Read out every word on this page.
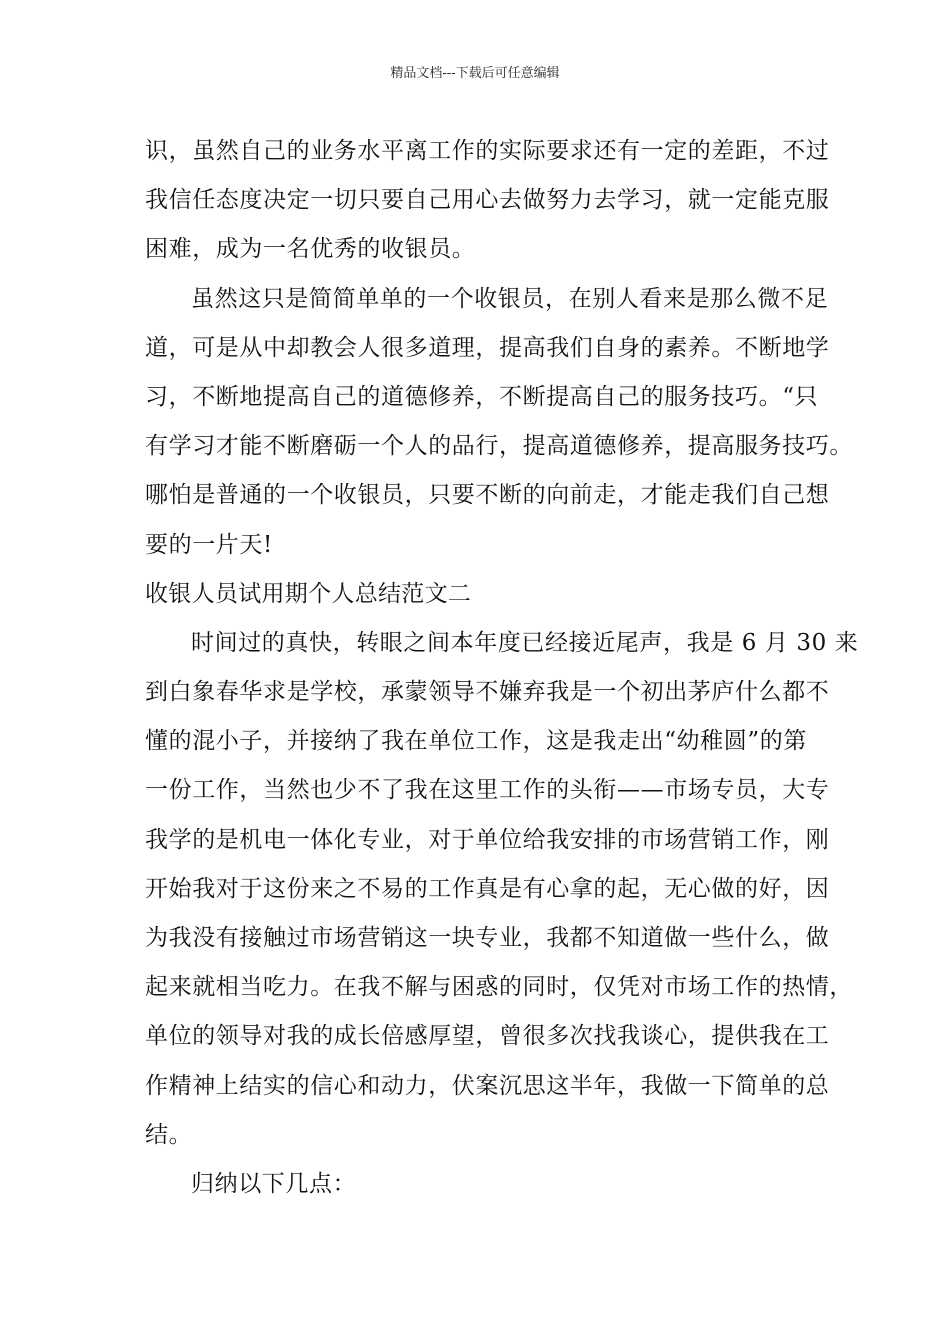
精品文档---下载后可任意编辑
识，虽然自己的业务水平离工作的实际要求还有一定的差距，不过
我信任态度决定一切只要自己用心去做努力去学习，就一定能克服
困难，成为一名优秀的收银员。
虽然这只是简简单单的一个收银员，在别人看来是那么微不足
道，可是从中却教会人很多道理，提高我们自身的素养。不断地学
习，不断地提高自己的道德修养，不断提高自己的服务技巧。“只
有学习才能不断磨砺一个人的品行，提高道德修养，提高服务技巧。
哪怕是普通的一个收银员，只要不断的向前走，才能走我们自己想
要的一片天!
收银人员试用期个人总结范文二
时间过的真快，转眼之间本年度已经接近尾声，我是 6 月 30 来
到白象春华求是学校，承蒙领导不嫌弃我是一个初出茅庐什么都不
懂的混小子，并接纳了我在单位工作，这是我走出“幼稚圆”的第
一份工作，当然也少不了我在这里工作的头衔——市场专员，大专
我学的是机电一体化专业，对于单位给我安排的市场营销工作，刚
开始我对于这份来之不易的工作真是有心拿的起，无心做的好，因
为我没有接触过市场营销这一块专业，我都不知道做一些什么，做
起来就相当吃力。在我不解与困惑的同时，仅凭对市场工作的热情，
单位的领导对我的成长倍感厚望，曾很多次找我谈心，提供我在工
作精神上结实的信心和动力，伏案沉思这半年，我做一下简单的总
结。
归纳以下几点：
